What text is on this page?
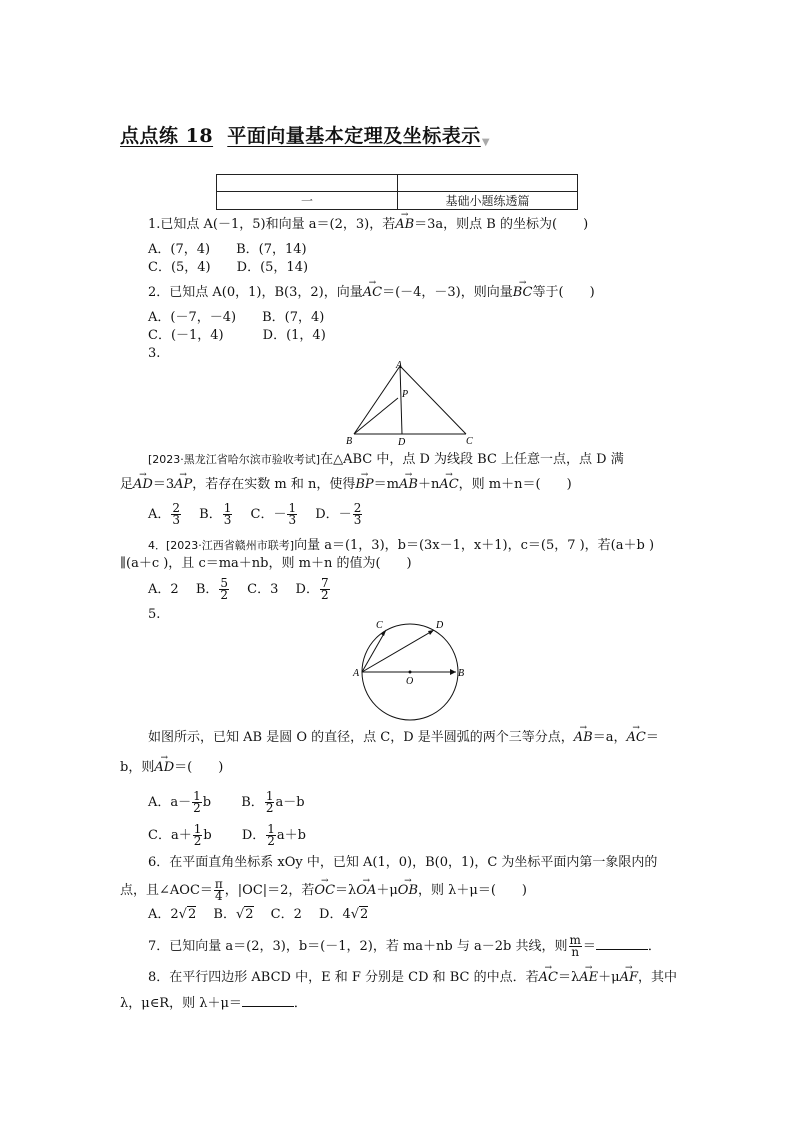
点点练 18 平面向量基本定理及坐标表示▼

一	基础小题练透篇
1.已知点 A(－1，5)和向量 a＝(2，3)，若→ AB＝3a，则点 B 的坐标为(　　)
A．(7，4)　　 B．(7，14)
C．(5，4)　　 D．(5，14)
2．已知点 A(0，1)，B(3，2)，向量→ AC＝(－4，－3)，则向量→ BC等于(　　)
A．(－7，－4)　　 B．(7，4)
C．(－1，4)　　　	D．(1，4)
3.
A
P
B	D	C
[2023·黑龙江省哈尔滨市验收考试]在△ABC 中，点 D 为线段 BC 上任意一点，点 D 满
足→ AD＝3→ AP，若存在实数 m 和 n，使得→ BP＝m→ AB＋n→ AC，则 m＋n＝(　　)
A． $\frac{2}{3}$
　 B． $\frac{1}{3}$
　 C．－ $\frac{1}{3}$
　 D．－ $\frac{2}{3}$
4．[2023·江西省赣州市联考]向量 a＝(1，3)，b＝(3x－1，x＋1)，c＝(5，7 )，若(a＋b )
∥(a＋c )，且 c＝ma＋nb，则 m＋n 的值为(　　)
A．2　 B． $\frac{5}{2}$
　 C．3　 D． $\frac{7}{2}$
5.
C	D
A
O
B
如图所示，已知 AB 是圆 O 的直径，点 C，D 是半圆弧的两个三等分点，→ AB＝a，→ AC＝
b，则→ AD＝(　　)
A．$a- \frac{1}{2}$ b　　 B． $\frac{1}{2} a-b$
C．$a+ \frac{1}{2}$ b　　 D． $\frac{1}{2} a+b$
6．在平面直角坐标系 xOy 中，已知 A(1，0)，B(0，1)，C 为坐标平面内第一象限内的
点，且∠AOC＝ $\frac{\pi}{4}$ ，|OC|＝2，若→ OC＝λ→ OA＋μ→ OB，则 λ＋μ＝(　　)
A．2√2　 B．√2　 C．2　 D．4√2
7．已知向量 a＝(2，3)，b＝(－1，2)，若 ma＋nb 与 a－2b 共线，则 $\frac{m}{n}$ ＝	．
8．在平行四边形 ABCD 中，E 和 F 分别是 CD 和 BC 的中点．若→ AC＝λ→ AE＋μ→ AF，其中
λ，μ∈R，则 λ＋μ＝	．
